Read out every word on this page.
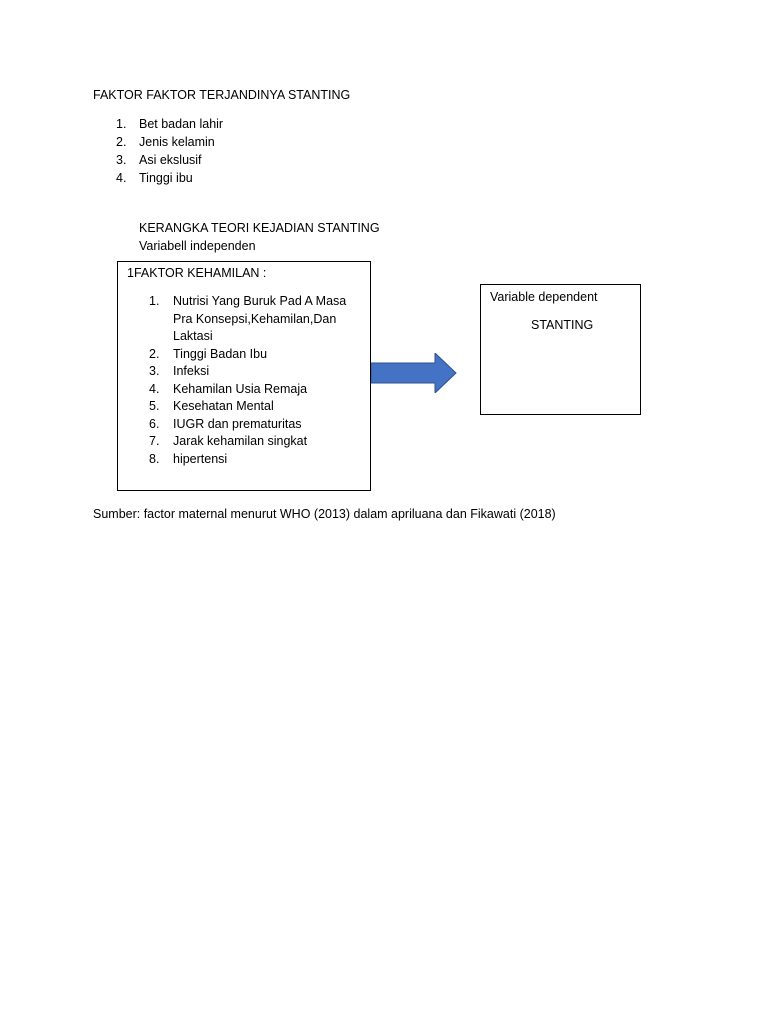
FAKTOR FAKTOR TERJANDINYA STANTING

1. Bet badan lahir
2. Jenis kelamin
3. Asi ekslusif
4. Tinggi ibu

KERANGKA TEORI KEJADIAN STANTING

Variabell independen

1FAKTOR KEHAMILAN :
1. Nutrisi Yang Buruk Pad A Masa Pra Konsepsi,Kehamilan,Dan Laktasi
2. Tinggi Badan Ibu
3. Infeksi
4. Kehamilan Usia Remaja
5. Kesehatan Mental
6. IUGR dan prematuritas
7. Jarak kehamilan singkat
8. hipertensi
Variable dependent
STANTING

Sumber: factor maternal menurut WHO (2013) dalam apriluana dan Fikawati (2018)
